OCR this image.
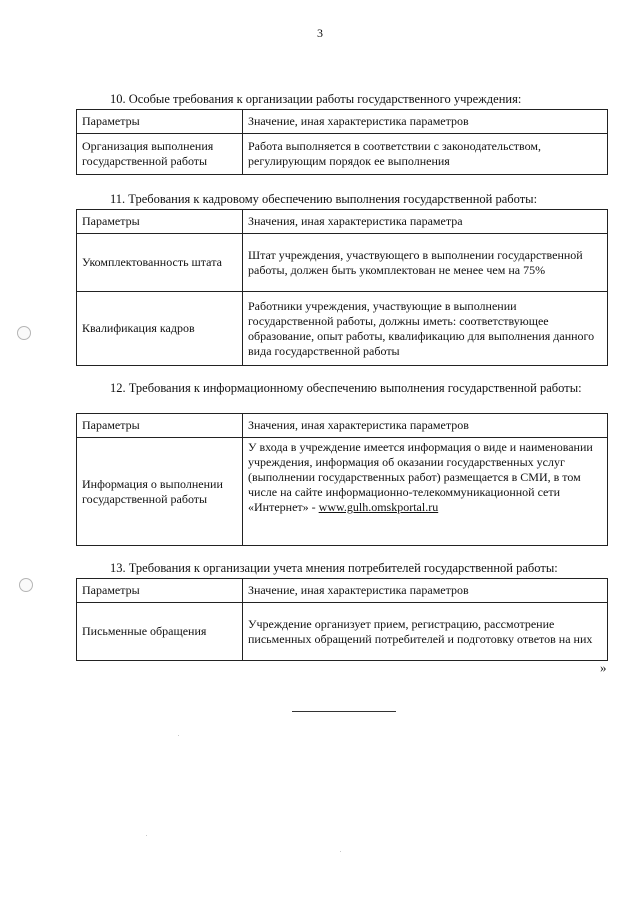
3
10. Особые требования к организации работы государственного учреждения:
Параметры	Значение, иная характеристика параметров
Организация выполнения государственной работы	Работа выполняется в соответствии с законодательством, регулирующим порядок ее выполнения
11. Требования к кадровому обеспечению выполнения государственной работы:
Параметры	Значения, иная характеристика параметра
Укомплектованность штата	Штат учреждения, участвующего в выполнении государственной работы, должен быть укомплектован не менее чем на 75%
Квалификация кадров	Работники учреждения, участвующие в выполнении государственной работы, должны иметь: соответствующее образование, опыт работы, квалификацию для выполнения данного вида государственной работы
12. Требования к информационному обеспечению выполнения государственной работы:
Параметры	Значения, иная характеристика параметров
Информация о выполнении государственной работы	У входа в учреждение имеется информация о виде и наименовании учреждения, информация об оказании государственных услуг (выполнении государственных работ) размещается в СМИ, в том числе на сайте информационно-телекоммуникационной сети «Интернет» - www.gulh.omskportal.ru
13. Требования к организации учета мнения потребителей государственной работы:
Параметры	Значение, иная характеристика параметров
Письменные обращения	Учреждение организует прием, регистрацию, рассмотрение письменных обращений потребителей и подготовку ответов на них
»
